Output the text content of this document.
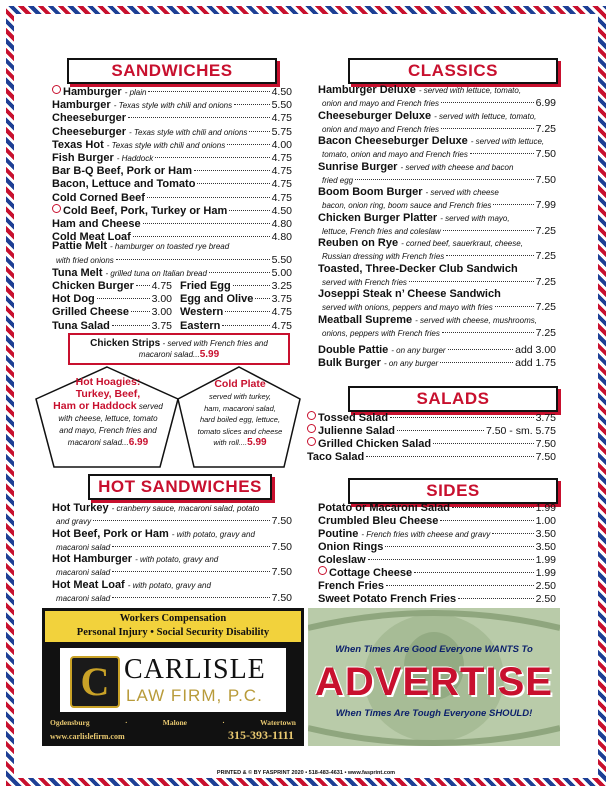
SANDWICHES	CLASSICS
SALADS
SIDES
HOT SANDWICHES
Hamburger - plain	4.50
Hamburger - Texas style with chili and onions	5.50
Cheeseburger	4.75
Cheeseburger - Texas style with chili and onions 5.75
Texas Hot - Texas style with chili and onions	4.00
Fish Burger - Haddock	4.75
Bar B-Q Beef, Pork or Ham	4.75
Bacon, Lettuce and Tomato	4.75
Cold Corned Beef	4.75
Cold Beef, Pork, Turkey or Ham	4.50
Ham and Cheese	4.80
Cold Meat Loaf	4.80
Pattie Melt - hamburger on toasted rye bread
with fried onions	5.50
Tuna Melt - grilled tuna on Italian bread	5.00
Chicken Burger 4.75 Fried Egg	3.25
Hot Dog	3.00 Egg and Olive 3.75
Grilled Cheese 3.00 Western	4.75
Tuna Salad	3.75 Eastern	4.75
Chicken Strips - served with French fries and
macaroni salad...5.99
Hot Hoagies:
Turkey, Beef,
Ham or Haddock served
with cheese, lettuce, tomato
and mayo, French fries and
macaroni salad...6.99
Cold Plate
served with turkey,
ham, macaroni salad,
hard boiled egg, lettuce,
tomato slices and cheese
with roll....5.99
Hot Turkey - cranberry sauce, macaroni salad, potato
and gravy	7.50
Hot Beef, Pork or Ham - with potato, gravy and
macaroni salad	7.50
Hot Hamburger - with potato, gravy and
macaroni salad	7.50
Hot Meat Loaf - with potato, gravy and
macaroni salad	7.50
Hamburger Deluxe - served with lettuce, tomato,
onion and mayo and French fries	6.99
Cheeseburger Deluxe - served with lettuce, tomato,
onion and mayo and French fries	7.25
Bacon Cheeseburger Deluxe - served with lettuce,
tomato, onion and mayo and French fries	7.50
Sunrise Burger - served with cheese and bacon
fried egg	7.50
Boom Boom Burger - served with cheese
bacon, onion ring, boom sauce and French fries	7.99
Chicken Burger Platter - served with mayo,
lettuce, French fries and coleslaw	7.25
Reuben on Rye - corned beef, sauerkraut, cheese,
Russian dressing with French fries	7.25
Toasted, Three-Decker Club Sandwich
served with French fries	7.25
Joseppi Steak n’ Cheese Sandwich
served with onions, peppers and mayo with fries	7.25
Meatball Supreme - served with cheese, mushrooms,
onions, peppers with French fries	7.25
Double Pattie - on any burger	add 3.00
Bulk Burger - on any burger	add 1.75
Tossed Salad	3.75
Julienne Salad	7.50 - sm. 5.75
Grilled Chicken Salad	7.50
Taco Salad	7.50
Potato or Macaroni Salad	1.99
Crumbled Bleu Cheese	1.00
Poutine - French fries with cheese and gravy	3.50
Onion Rings	3.50
Coleslaw	1.99
Cottage Cheese	1.99
French Fries	2.50
Sweet Potato French Fries	2.50
Workers Compensation
Personal Injury • Social Security Disability
C CARLISLE
LAW FIRM, P.C.
Ogdensburg	·	Malone	·	Watertown
www.carlislefirm.com	315-393-1111
When Times Are Good Everyone WANTS To
ADVERTISE
When Times Are Tough Everyone SHOULD!
PRINTED & © BY FASPRINT 2020 • 518-483-4631 • www.fasprint.com
